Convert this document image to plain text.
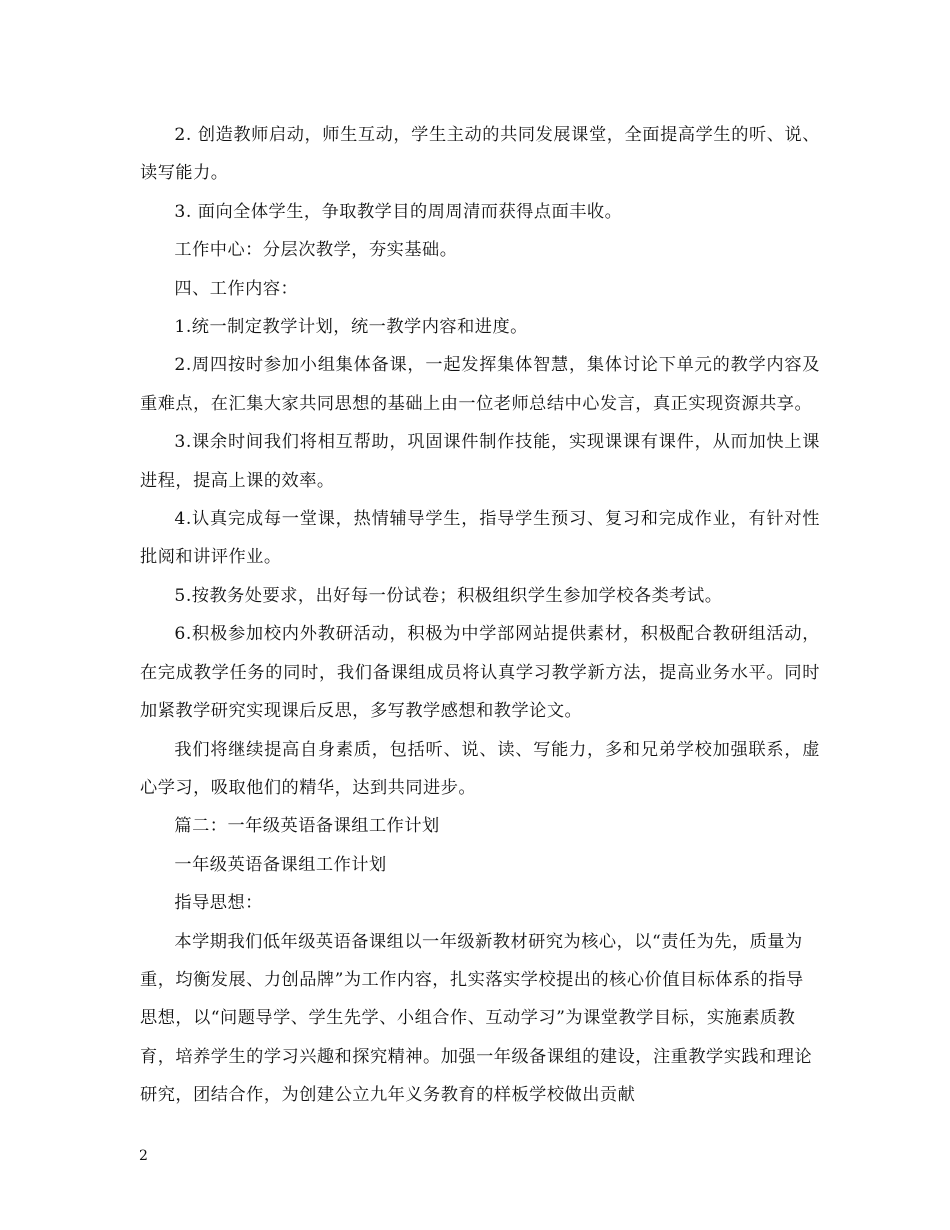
2. 创造教师启动，师生互动，学生主动的共同发展课堂，全面提高学生的听、说、读写能力。

3. 面向全体学生，争取教学目的周周清而获得点面丰收。

工作中心：分层次教学，夯实基础。

四、工作内容：

1.统一制定教学计划，统一教学内容和进度。

2.周四按时参加小组集体备课，一起发挥集体智慧，集体讨论下单元的教学内容及重难点，在汇集大家共同思想的基础上由一位老师总结中心发言，真正实现资源共享。

3.课余时间我们将相互帮助，巩固课件制作技能，实现课课有课件，从而加快上课进程，提高上课的效率。

4.认真完成每一堂课，热情辅导学生，指导学生预习、复习和完成作业，有针对性批阅和讲评作业。

5.按教务处要求，出好每一份试卷；积极组织学生参加学校各类考试。

6.积极参加校内外教研活动，积极为中学部网站提供素材，积极配合教研组活动，在完成教学任务的同时，我们备课组成员将认真学习教学新方法，提高业务水平。同时加紧教学研究实现课后反思，多写教学感想和教学论文。

我们将继续提高自身素质，包括听、说、读、写能力，多和兄弟学校加强联系，虚心学习，吸取他们的精华，达到共同进步。

篇二：一年级英语备课组工作计划

一年级英语备课组工作计划

指导思想：

本学期我们低年级英语备课组以一年级新教材研究为核心，以“责任为先，质量为重，均衡发展、力创品牌”为工作内容，扎实落实学校提出的核心价值目标体系的指导思想，以“问题导学、学生先学、小组合作、互动学习”为课堂教学目标，实施素质教育，培养学生的学习兴趣和探究精神。加强一年级备课组的建设，注重教学实践和理论研究，团结合作，为创建公立九年义务教育的样板学校做出贡献

2
